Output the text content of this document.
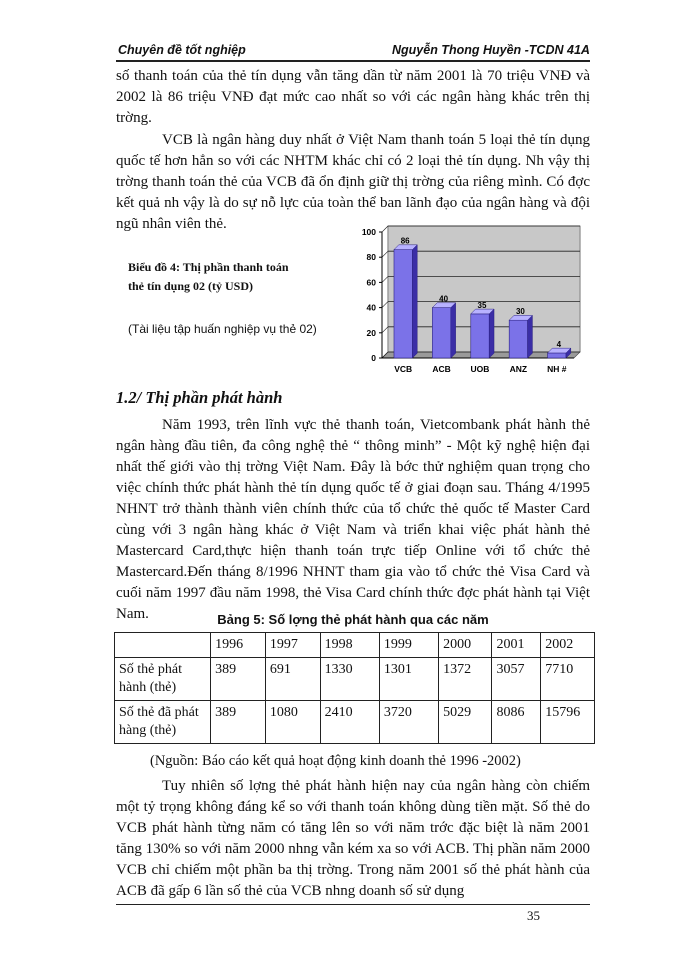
Chuyên đề tốt nghiệp	Nguyễn Thong Huyền -TCDN 41A

số thanh toán của thẻ tín dụng vẫn tăng dần từ năm 2001 là 70 triệu VNĐ và 2002 là 86 triệu VNĐ đạt mức cao nhất so với các ngân hàng khác trên thị trờng.

VCB là ngân hàng duy nhất ở Việt Nam thanh toán 5 loại thẻ tín dụng quốc tế hơn hẳn so với các NHTM khác chỉ có 2 loại thẻ tín dụng. Nh vậy thị trờng thanh toán thẻ của VCB đã ổn định giữ thị trờng của riêng mình. Có đợc kết quả nh vậy là do sự nỗ lực của toàn thể ban lãnh đạo của ngân hàng và đội ngũ nhân viên thẻ.

Biểu đồ 4: Thị phần thanh toán
thẻ tín dụng 02 (tỷ USD)
(Tài liệu tập huấn nghiệp vụ thẻ 02)
0
20
40
60
80
100
86
VCB
40
ACB
35
UOB
30
ANZ
4
NH #
1.2/ Thị phần phát hành

Năm 1993, trên lĩnh vực thẻ thanh toán, Vietcombank phát hành thẻ ngân hàng đầu tiên, đa công nghệ thẻ “ thông minh” - Một kỹ nghệ hiện đại nhất thế giới vào thị trờng Việt Nam. Đây là bớc thử nghiệm quan trọng cho việc chính thức phát hành thẻ tín dụng quốc tế ở giai đoạn sau. Tháng 4/1995 NHNT trở thành thành viên chính thức của tổ chức thẻ quốc tế Master Card cùng với 3 ngân hàng khác ở Việt Nam và triển khai việc phát hành thẻ Mastercard Card,thực hiện thanh toán trực tiếp Online với tổ chức thẻ Mastercard.Đến tháng 8/1996 NHNT tham gia vào tổ chức thẻ Visa Card và cuối năm 1997 đầu năm 1998, thẻ Visa Card chính thức đợc phát hành tại Việt Nam.	Bảng 5: Số lợng thẻ phát hành qua các năm
	1996	1997	1998	1999	2000	2001	2002
Số thẻ phát hành (thẻ)	389	691	1330	1301	1372	3057	7710
Số thẻ đã phát hàng (thẻ)	389	1080	2410	3720	5029	8086	15796
(Nguồn: Báo cáo kết quả hoạt động kinh doanh thẻ 1996 -2002)

Tuy nhiên số lợng thẻ phát hành hiện nay của ngân hàng còn chiếm một tỷ trọng không đáng kể so với thanh toán không dùng tiền mặt. Số thẻ do VCB phát hành từng năm có tăng lên so với năm trớc đặc biệt là năm 2001 tăng 130% so với năm 2000 nhng vẫn kém xa so với ACB. Thị phần năm 2000 VCB chỉ chiếm một phần ba thị trờng. Trong năm 2001 số thẻ phát hành của ACB đã gấp 6 lần số thẻ của VCB nhng doanh số sử dụng

35
